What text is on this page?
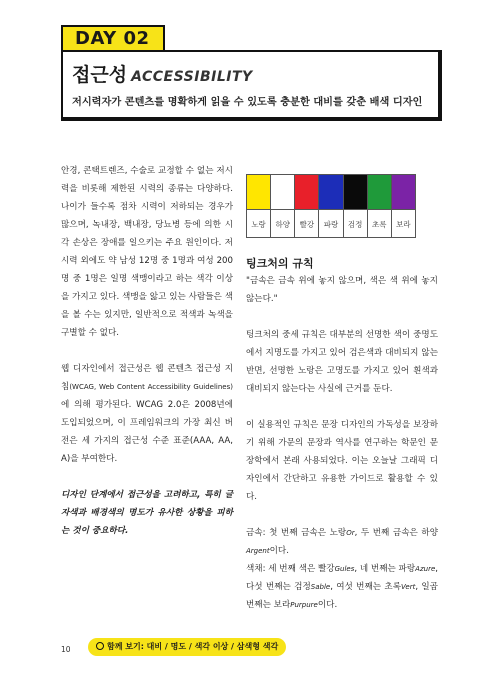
DAY 02
접근성 ACCESSIBILITY
저시력자가 콘텐츠를 명확하게 읽을 수 있도록 충분한 대비를 갖춘 배색 디자인

안경, 콘택트렌즈, 수술로 교정할 수 없는 저시력을 비롯해 제한된 시력의 종류는 다양하다. 나이가 들수록 점차 시력이 저하되는 경우가 많으며, 녹내장, 백내장, 당뇨병 등에 의한 시각 손상은 장애를 일으키는 주요 원인이다. 저시력 외에도 약 남성 12명 중 1명과 여성 200명 중 1명은 일명 색맹이라고 하는 색각 이상을 가지고 있다. 색맹을 앓고 있는 사람들은 색을 볼 수는 있지만, 일반적으로 적색과 녹색을 구별할 수 없다.

웹 디자인에서 접근성은 웹 콘텐츠 접근성 지침(WCAG, Web Content Accessibility Guidelines)에 의해 평가된다. WCAG 2.0은 2008년에 도입되었으며, 이 프레임워크의 가장 최신 버전은 세 가지의 접근성 수준 표준(AAA, AA, A)을 부여한다.

디자인 단계에서 접근성을 고려하고, 특히 글자색과 배경색의 명도가 유사한 상황을 피하는 것이 중요하다.

노랑	하양	빨강	파랑	검정	초록	보라
팅크처의 규칙

"금속은 금속 위에 놓지 않으며, 색은 색 위에 놓지 않는다."

팅크처의 중세 규칙은 대부분의 선명한 색이 중명도에서 지명도를 가지고 있어 검은색과 대비되지 않는 반면, 선명한 노랑은 고명도를 가지고 있어 흰색과 대비되지 않는다는 사실에 근거를 둔다.

이 실용적인 규칙은 문장 디자인의 가독성을 보장하기 위해 가문의 문장과 역사를 연구하는 학문인 문장학에서 본래 사용되었다. 이는 오늘날 그래픽 디자인에서 간단하고 유용한 가이드로 활용할 수 있다.

금속: 첫 번째 금속은 노랑Or, 두 번째 금속은 하양Argent이다.

색채: 세 번째 색은 빨강Gules, 네 번째는 파랑Azure, 다섯 번째는 검정Sable, 여섯 번째는 초록Vert, 일곱 번째는 보라Purpure이다.

10	함께 보기: 대비 / 명도 / 색각 이상 / 삼색형 색각
